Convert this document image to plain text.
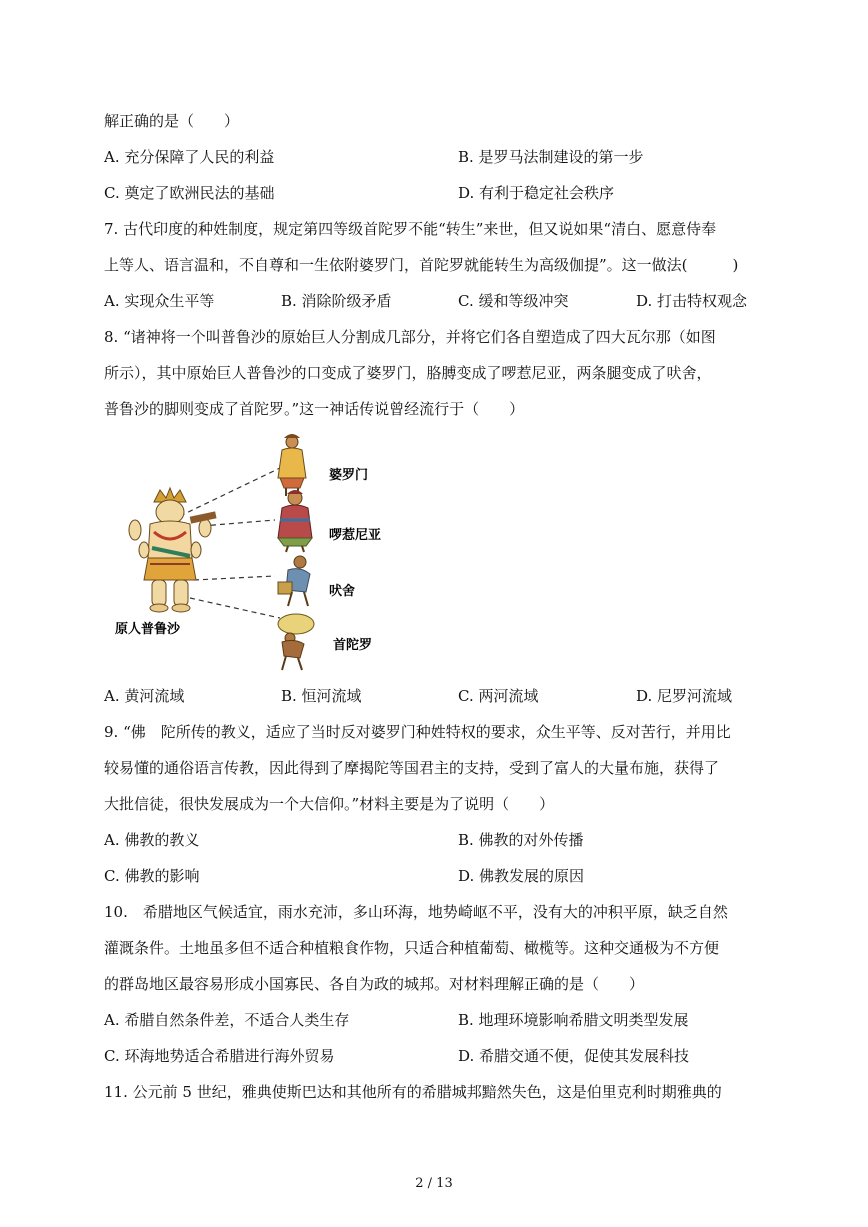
解正确的是（　　）
A. 充分保障了人民的利益	B. 是罗马法制建设的第一步
C. 奠定了欧洲民法的基础	D. 有利于稳定社会秩序
7. 古代印度的种姓制度，规定第四等级首陀罗不能“转生”来世，但又说如果“清白、愿意侍奉
上等人、语言温和，不自尊和一生依附婆罗门，首陀罗就能转生为高级伽提”。这一做法(　　　)
A. 实现众生平等	B. 消除阶级矛盾	C. 缓和等级冲突	D. 打击特权观念
8. “诸神将一个叫普鲁沙的原始巨人分割成几部分，并将它们各自塑造成了四大瓦尔那（如图
所示），其中原始巨人普鲁沙的口变成了婆罗门，胳膊变成了啰惹尼亚，两条腿变成了吠舍，
普鲁沙的脚则变成了首陀罗。”这一神话传说曾经流行于（　　）
婆罗门
啰惹尼亚
吠舍
首陀罗
原人普鲁沙
A. 黄河流域	B. 恒河流域	C. 两河流域	D. 尼罗河流域
9. “佛　陀所传的教义，适应了当时反对婆罗门种姓特权的要求，众生平等、反对苦行，并用比
较易懂的通俗语言传教，因此得到了摩揭陀等国君主的支持，受到了富人的大量布施，获得了
大批信徒，很快发展成为一个大信仰。”材料主要是为了说明（　　）
A. 佛教的教义	B. 佛教的对外传播
C. 佛教的影响	D. 佛教发展的原因
10.　希腊地区气候适宜，雨水充沛，多山环海，地势崎岖不平，没有大的冲积平原，缺乏自然
灌溉条件。土地虽多但不适合种植粮食作物，只适合种植葡萄、橄榄等。这种交通极为不方便
的群岛地区最容易形成小国寡民、各自为政的城邦。对材料理解正确的是（　　）
A. 希腊自然条件差，不适合人类生存	B. 地理环境影响希腊文明类型发展
C. 环海地势适合希腊进行海外贸易	D. 希腊交通不便，促使其发展科技
11. 公元前 5 世纪，雅典使斯巴达和其他所有的希腊城邦黯然失色，这是伯里克利时期雅典的
2 / 13
